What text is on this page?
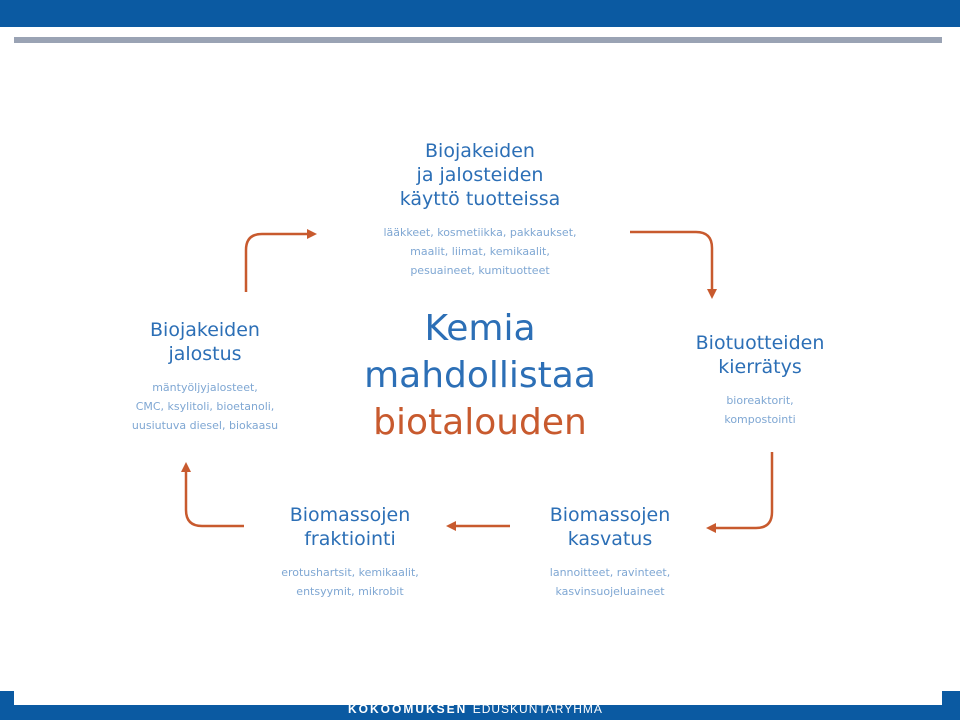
Biojakeiden
ja jalosteiden
käyttö tuotteissa
lääkkeet, kosmetiikka, pakkaukset,
maalit, liimat, kemikaalit,
pesuaineet, kumituotteet
Biotuotteiden
kierrätys
bioreaktorit,
kompostointi
Biomassojen
kasvatus
lannoitteet, ravinteet,
kasvinsuojeluaineet
Biomassojen
fraktiointi
erotushartsit, kemikaalit,
entsyymit, mikrobit
Biojakeiden
jalostus
mäntyöljyjalosteet,
CMC, ksylitoli, bioetanoli,
uusiutuva diesel, biokaasu
Kemia
mahdollistaa
biotalouden
KOKOOMUKSEN EDUSKUNTARYHMÄ
